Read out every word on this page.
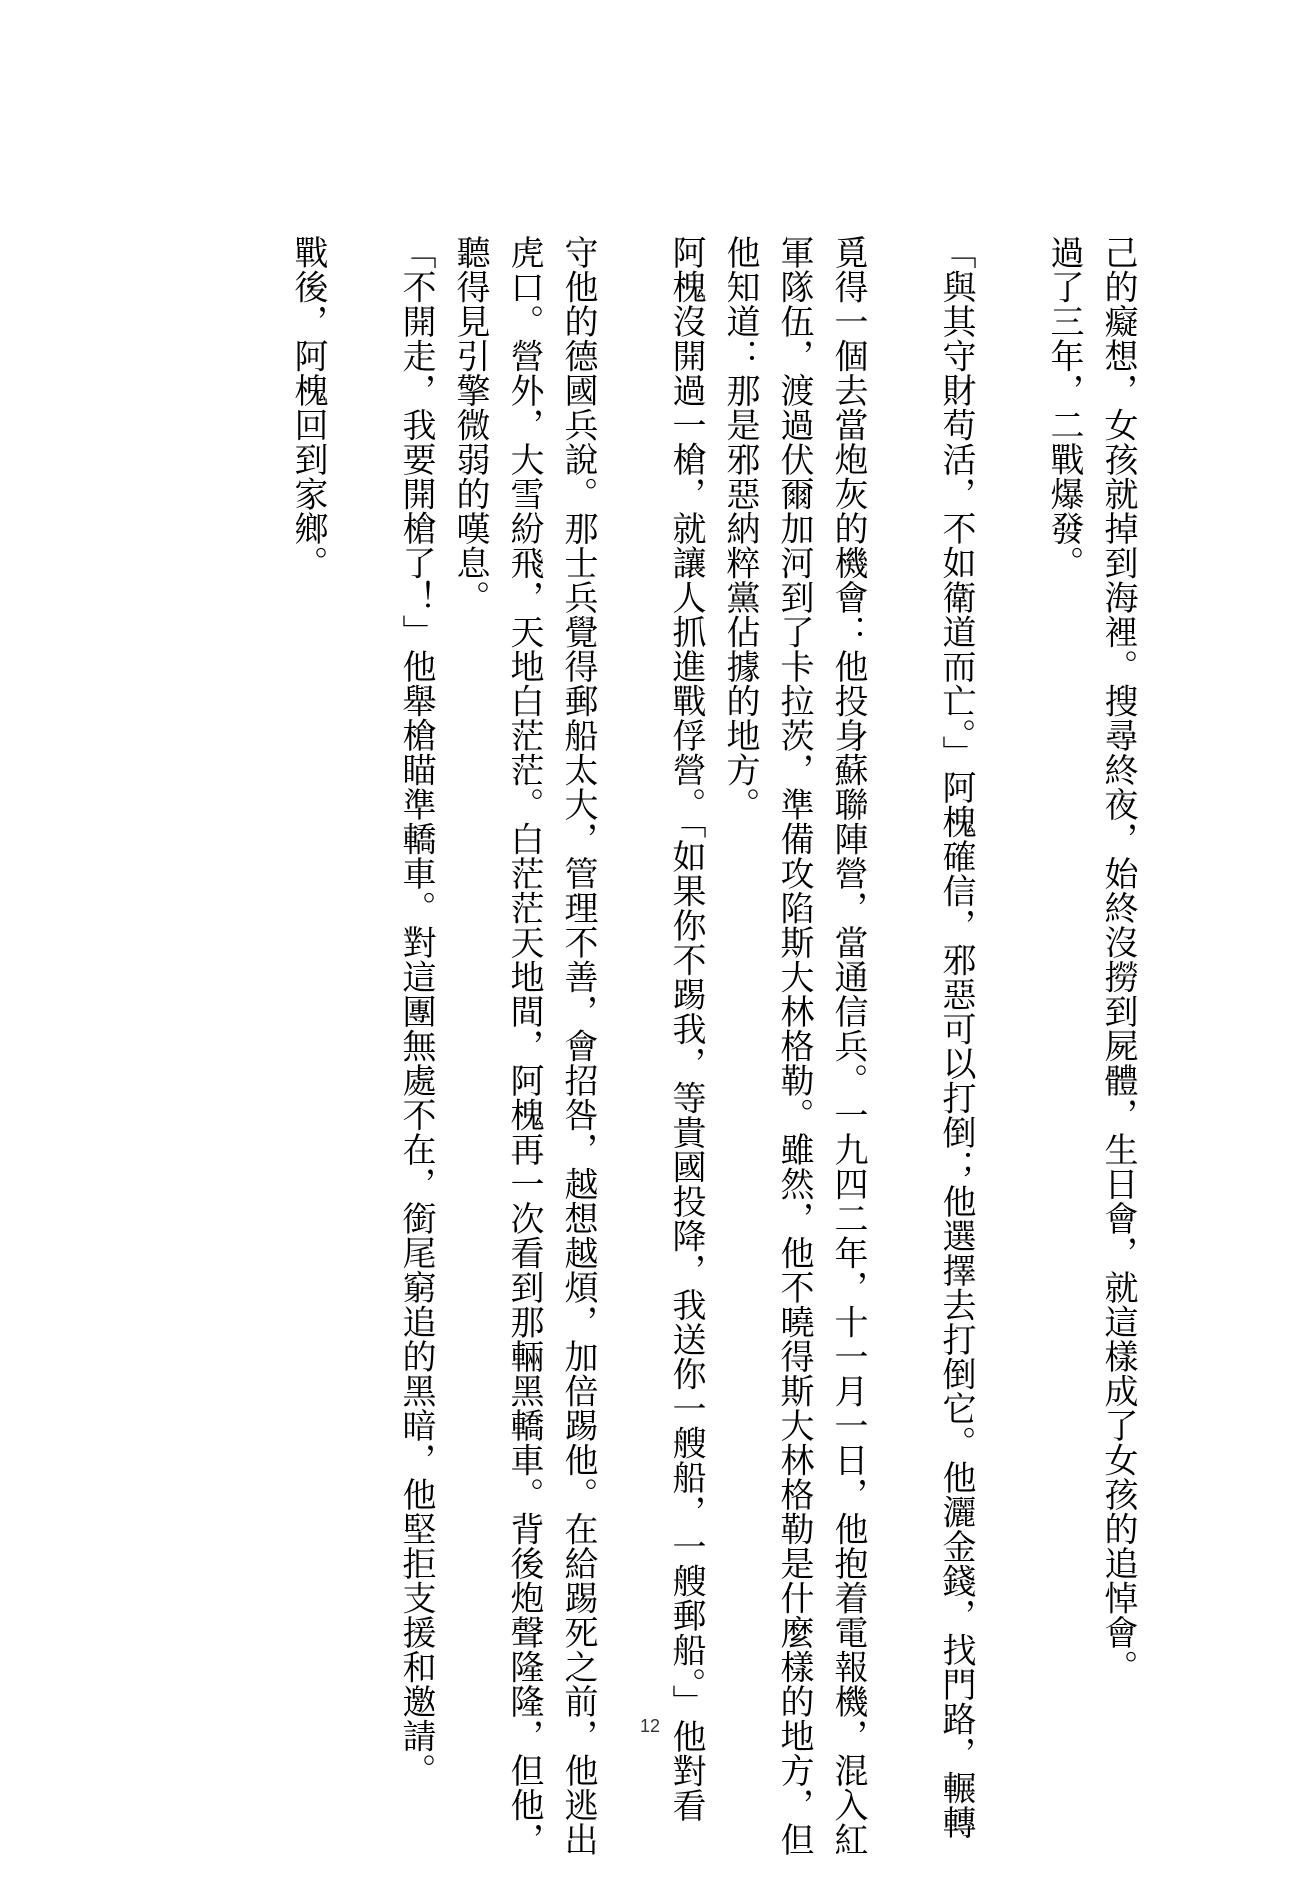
己的癡想，女孩就掉到海裡。搜尋終夜，始終沒撈到屍體，生日會，就這樣成了女孩的追悼會。

過了三年，二戰爆發。

「與其守財苟活，不如衛道而亡。」阿槐確信，邪惡可以打倒；他選擇去打倒它。他灑金錢，找門路，輾轉

覓得一個去當炮灰的機會：他投身蘇聯陣營，當通信兵。一九四二年，十一月一日，他抱着電報機，混入紅

軍隊伍，渡過伏爾加河到了卡拉茨，準備攻陷斯大林格勒。雖然，他不曉得斯大林格勒是什麼樣的地方，但

他知道：那是邪惡納粹黨佔據的地方。

阿槐沒開過一槍，就讓人抓進戰俘營。「如果你不踢我，等貴國投降，我送你一艘船，一艘郵船。」他對看

守他的德國兵說。那士兵覺得郵船太大，管理不善，會招咎，越想越煩，加倍踢他。在給踢死之前，他逃出

虎口。營外，大雪紛飛，天地白茫茫。白茫茫天地間，阿槐再一次看到那輛黑轎車。背後炮聲隆隆，但他，

聽得見引擎微弱的嘆息。

「不開走，我要開槍了！」他舉槍瞄準轎車。對這團無處不在，銜尾窮追的黑暗，他堅拒支援和邀請。

戰後，阿槐回到家鄉。

12
